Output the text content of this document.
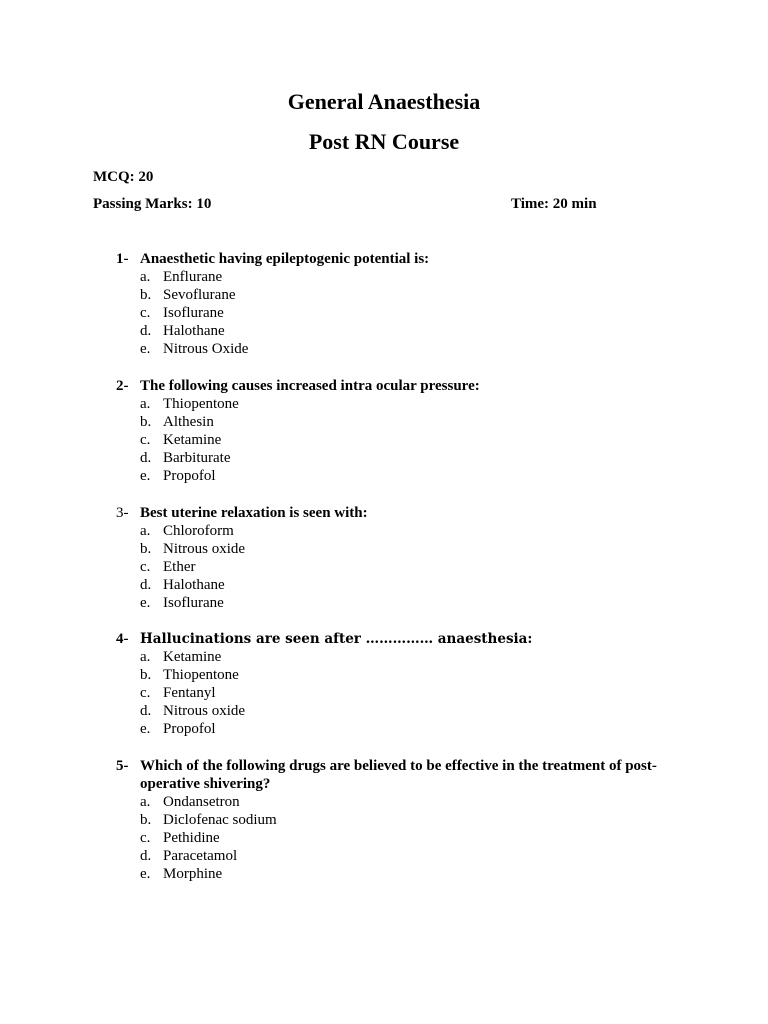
General Anaesthesia
Post RN Course
MCQ: 20
Passing Marks: 10	Time: 20 min
1- Anaesthetic having epileptogenic potential is:
a. Enflurane
b. Sevoflurane
c. Isoflurane
d. Halothane
e. Nitrous Oxide
2- The following causes increased intra ocular pressure:
a. Thiopentone
b. Althesin
c. Ketamine
d. Barbiturate
e. Propofol
3- Best uterine relaxation is seen with:
a. Chloroform
b. Nitrous oxide
c. Ether
d. Halothane
e. Isoflurane
4- Hallucinations are seen after …………… anaesthesia:
a. Ketamine
b. Thiopentone
c. Fentanyl
d. Nitrous oxide
e. Propofol
5- Which of the following drugs are believed to be effective in the treatment of post-operative shivering?
a. Ondansetron
b. Diclofenac sodium
c. Pethidine
d. Paracetamol
e. Morphine
